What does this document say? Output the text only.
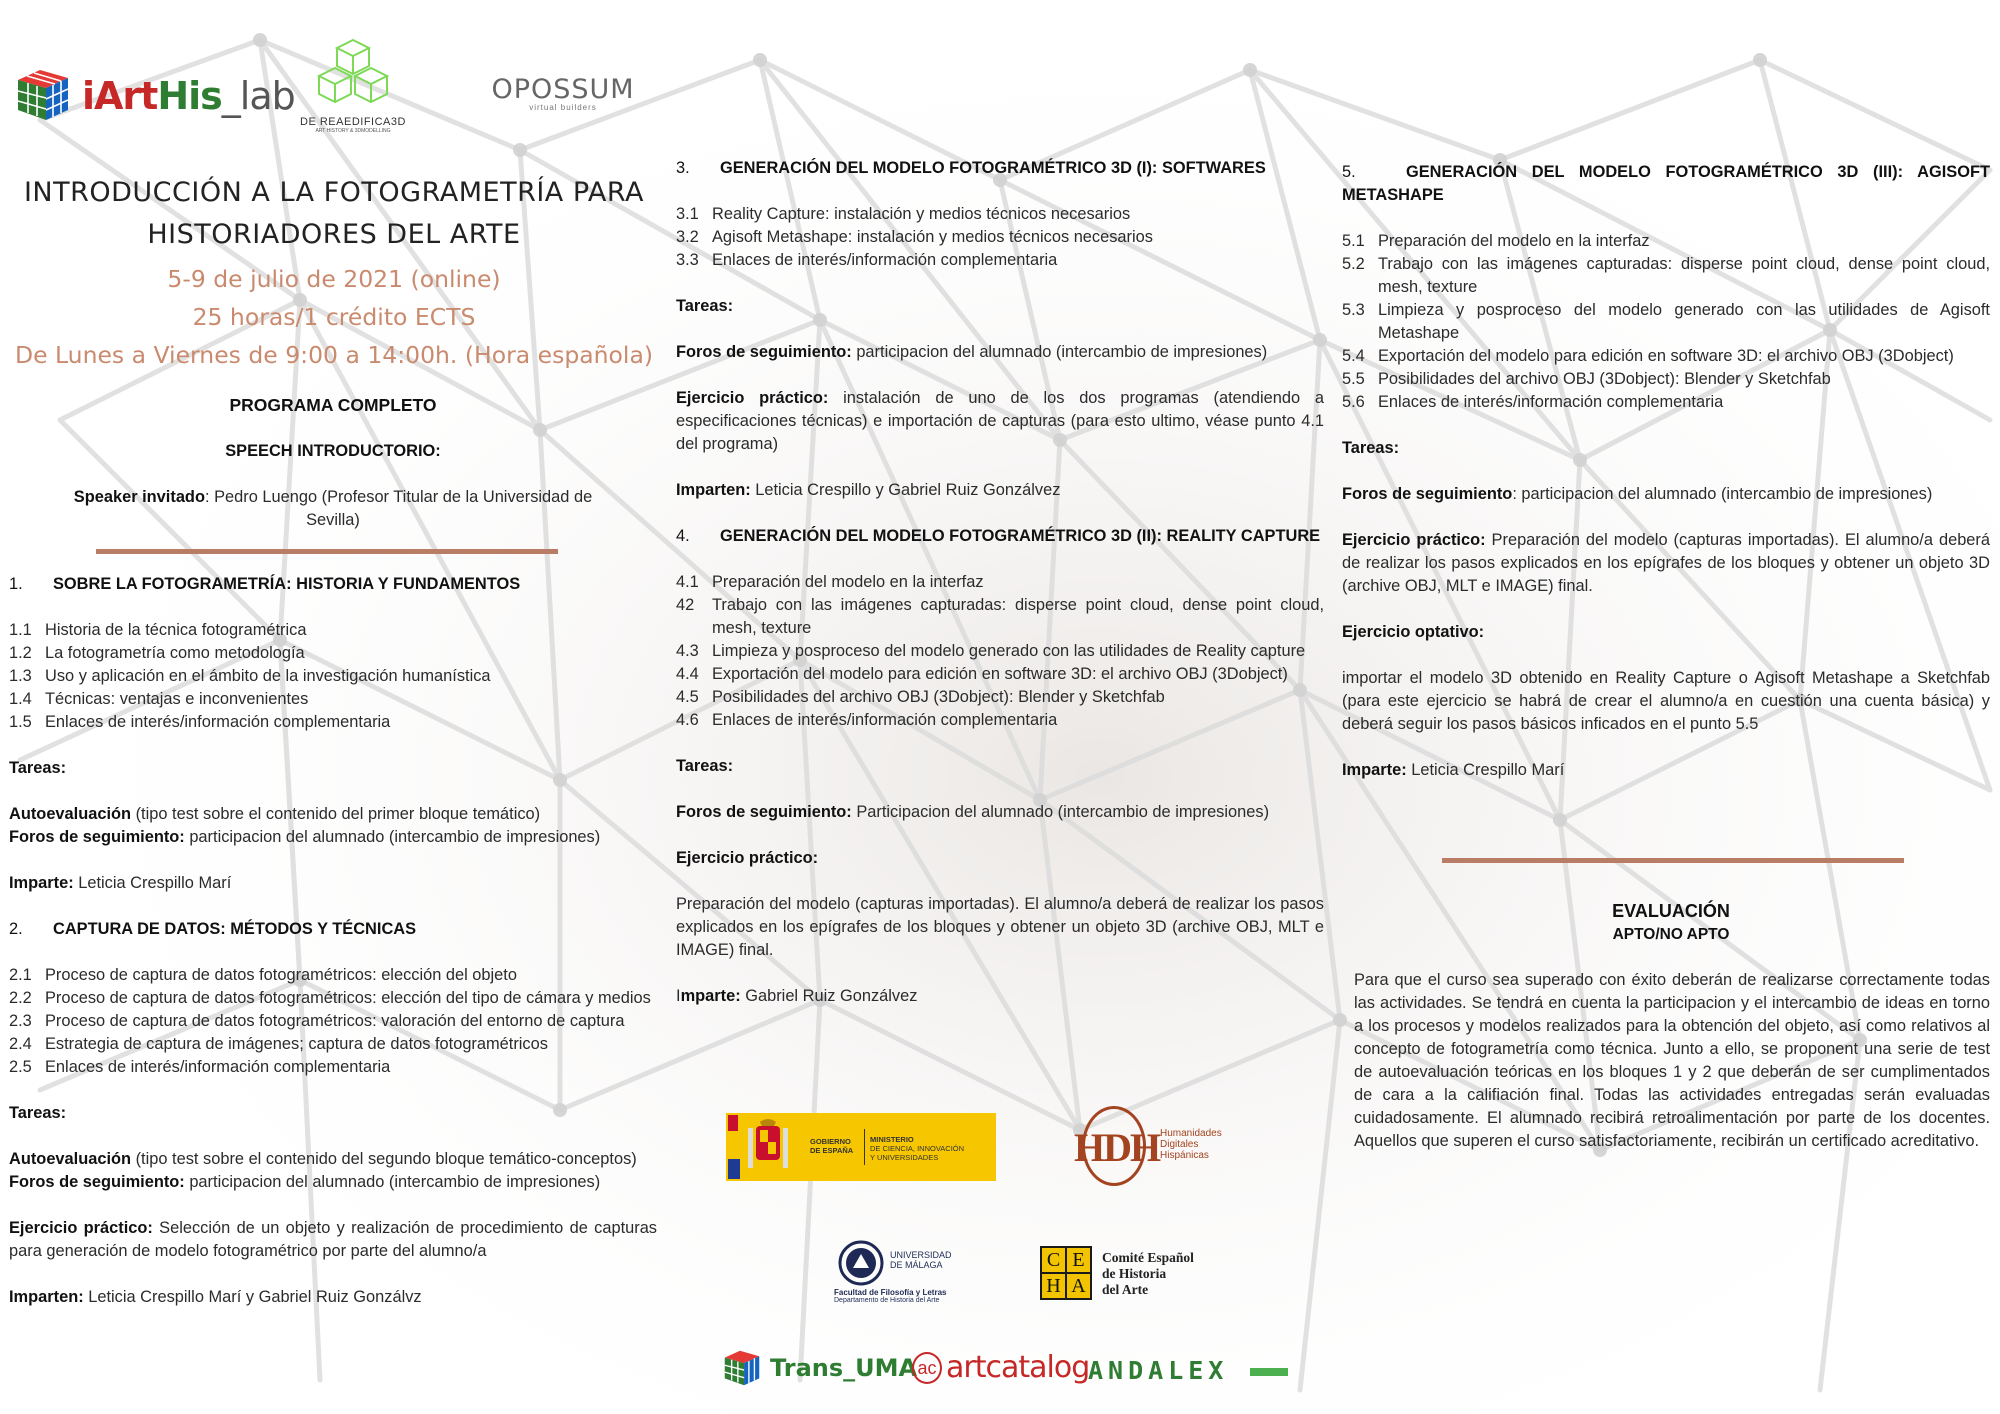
iArtHis_lab
DE REAEDIFICA3D
ART HISTORY & 3DMODELLING
OPOSSUM
virtual builders
INTRODUCCIÓN A LA FOTOGRAMETRÍA PARA
HISTORIADORES DEL ARTE
5-9 de julio de 2021 (online)
25 horas/1 crédito ECTS
De Lunes a Viernes de 9:00 a 14:00h. (Hora española)

PROGRAMA COMPLETO

SPEECH INTRODUCTORIO:

Speaker invitado: Pedro Luengo (Profesor Titular de la Universidad de Sevilla)

1. SOBRE LA FOTOGRAMETRÍA: HISTORIA Y FUNDAMENTOS

1.1 Historia de la técnica fotogramétrica

1.2 La fotogrametría como metodología

1.3 Uso y aplicación en el ámbito de la investigación humanística

1.4 Técnicas: ventajas e inconvenientes

1.5 Enlaces de interés/información complementaria

Tareas:

Autoevaluación (tipo test sobre el contenido del primer bloque temático)

Foros de seguimiento: participacion del alumnado (intercambio de impresiones)

Imparte: Leticia Crespillo Marí

2. CAPTURA DE DATOS: MÉTODOS Y TÉCNICAS

2.1 Proceso de captura de datos fotogramétricos: elección del objeto

2.2 Proceso de captura de datos fotogramétricos: elección del tipo de cámara y medios

2.3 Proceso de captura de datos fotogramétricos: valoración del entorno de captura

2.4 Estrategia de captura de imágenes; captura de datos fotogramétricos

2.5 Enlaces de interés/información complementaria

Tareas:

Autoevaluación (tipo test sobre el contenido del segundo bloque temático-conceptos)

Foros de seguimiento: participacion del alumnado (intercambio de impresiones)

Ejercicio práctico: Selección de un objeto y realización de procedimiento de capturas para generación de modelo fotogramétrico por parte del alumno/a

Imparten: Leticia Crespillo Marí y Gabriel Ruiz Gonzálvz

3. GENERACIÓN DEL MODELO FOTOGRAMÉTRICO 3D (I): SOFTWARES

3.1 Reality Capture: instalación y medios técnicos necesarios

3.2 Agisoft Metashape: instalación y medios técnicos necesarios

3.3 Enlaces de interés/información complementaria

Tareas:

Foros de seguimiento: participacion del alumnado (intercambio de impresiones)

Ejercicio práctico: instalación de uno de los dos programas (atendiendo a especificaciones técnicas) e importación de capturas (para esto ultimo, véase punto 4.1 del programa)

Imparten: Leticia Crespillo y Gabriel Ruiz Gonzálvez

4. GENERACIÓN DEL MODELO FOTOGRAMÉTRICO 3D (II): REALITY CAPTURE

4.1 Preparación del modelo en la interfaz

42 Trabajo con las imágenes capturadas: disperse point cloud, dense point cloud, mesh, texture

4.3 Limpieza y posproceso del modelo generado con las utilidades de Reality capture

4.4 Exportación del modelo para edición en software 3D: el archivo OBJ (3Dobject)

4.5 Posibilidades del archivo OBJ (3Dobject): Blender y Sketchfab

4.6 Enlaces de interés/información complementaria

Tareas:

Foros de seguimiento: Participacion del alumnado (intercambio de impresiones)

Ejercicio práctico:

Preparación del modelo (capturas importadas). El alumno/a deberá de realizar los pasos explicados en los epígrafes de los bloques y obtener un objeto 3D (archive OBJ, MLT e IMAGE) final.

Imparte: Gabriel Ruiz Gonzálvez

5.	GENERACIÓN DEL MODELO FOTOGRAMÉTRICO 3D (III): AGISOFT METASHAPE

5.1 Preparación del modelo en la interfaz

5.2 Trabajo con las imágenes capturadas: disperse point cloud, dense point cloud, mesh, texture

5.3 Limpieza y posproceso del modelo generado con las utilidades de Agisoft Metashape

5.4 Exportación del modelo para edición en software 3D: el archivo OBJ (3Dobject)

5.5 Posibilidades del archivo OBJ (3Dobject): Blender y Sketchfab

5.6 Enlaces de interés/información complementaria

Tareas:

Foros de seguimiento: participacion del alumnado (intercambio de impresiones)

Ejercicio práctico: Preparación del modelo (capturas importadas). El alumno/a deberá de realizar los pasos explicados en los epígrafes de los bloques y obtener un objeto 3D (archive OBJ, MLT e IMAGE) final.

Ejercicio optativo:

importar el modelo 3D obtenido en Reality Capture o Agisoft Metashape a Sketchfab (para este ejercicio se habrá de crear el alumno/a en cuestión una cuenta básica) y deberá seguir los pasos básicos inficados en el punto 5.5

Imparte: Leticia Crespillo Marí

EVALUACIÓN
APTO/NO APTO

Para que el curso sea superado con éxito deberán de realizarse correctamente todas las actividades. Se tendrá en cuenta la participacion y el intercambio de ideas en torno a los procesos y modelos realizados para la obtención del objeto, así como relativos al concepto de fotogrametría como técnica. Junto a ello, se proponent una serie de test de autoevaluación teóricas en los bloques 1 y 2 que deberán de ser cumplimentados de cara a la califiación final. Todas las actividades entregadas serán evaluadas cuidadosamente. El alumnado recibirá retroalimentación por parte de los docentes. Aquellos que superen el curso satisfactoriamente, recibirán un certificado acreditativo.

GOBIERNO DE ESPAÑA
MINISTERIO
DE CIENCIA, INNOVACIÓN
Y UNIVERSIDADES	HDH Humanidades
Digitales
Hispánicas
UNIVERSIDAD
DE MÁLAGA
Facultad de Filosofía y Letras
Departamento de Historia del Arte
C E
H A
Comité Español
de Historia
del Arte
Trans_UMA ac artcatalog
ANDALEX
